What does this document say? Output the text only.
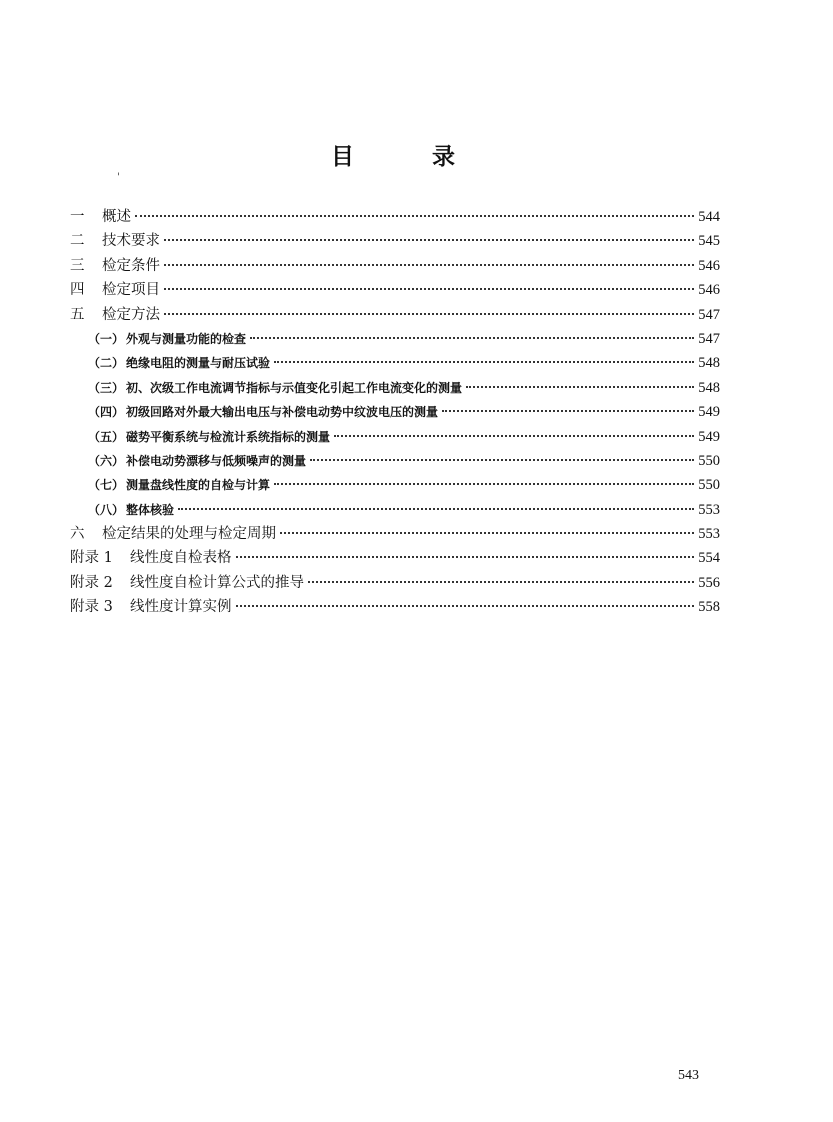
目	录
'
一	概述	544
二	技术要求	545
三	检定条件	546
四	检定项目	546
五	检定方法	547
（一） 外观与测量功能的检查	547
（二） 绝缘电阻的测量与耐压试验	548
（三） 初、次级工作电流调节指标与示值变化引起工作电流变化的测量	548
（四） 初级回路对外最大输出电压与补偿电动势中纹波电压的测量	549
（五） 磁势平衡系统与检流计系统指标的测量	549
（六） 补偿电动势漂移与低频噪声的测量	550
（七） 测量盘线性度的自检与计算	550
（八） 整体核验	553
六	检定结果的处理与检定周期	553
附录 1	线性度自检表格	554
附录 2	线性度自检计算公式的推导	556
附录 3	线性度计算实例	558
543
